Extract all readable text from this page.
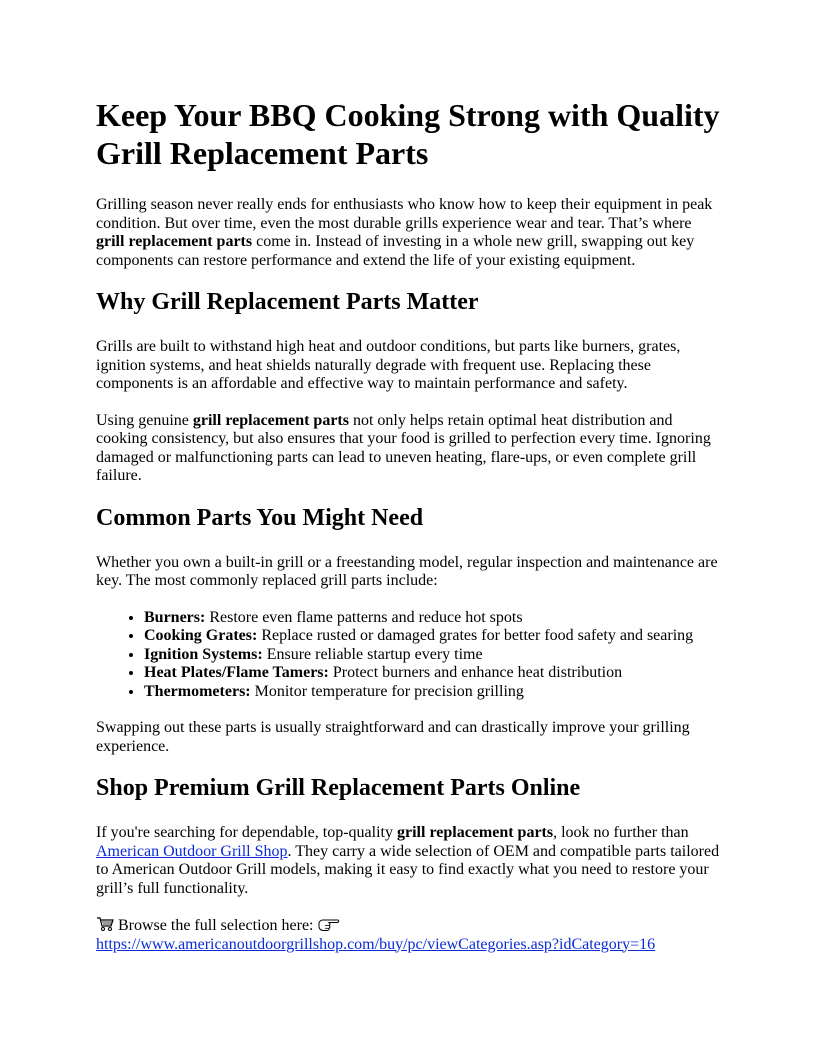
Keep Your BBQ Cooking Strong with Quality Grill Replacement Parts

Grilling season never really ends for enthusiasts who know how to keep their equipment in peak condition. But over time, even the most durable grills experience wear and tear. That’s where grill replacement parts come in. Instead of investing in a whole new grill, swapping out key components can restore performance and extend the life of your existing equipment.

Why Grill Replacement Parts Matter

Grills are built to withstand high heat and outdoor conditions, but parts like burners, grates, ignition systems, and heat shields naturally degrade with frequent use. Replacing these components is an affordable and effective way to maintain performance and safety.

Using genuine grill replacement parts not only helps retain optimal heat distribution and cooking consistency, but also ensures that your food is grilled to perfection every time. Ignoring damaged or malfunctioning parts can lead to uneven heating, flare-ups, or even complete grill failure.

Common Parts You Might Need

Whether you own a built-in grill or a freestanding model, regular inspection and maintenance are key. The most commonly replaced grill parts include:

• Burners: Restore even flame patterns and reduce hot spots
• Cooking Grates: Replace rusted or damaged grates for better food safety and searing
• Ignition Systems: Ensure reliable startup every time
• Heat Plates/Flame Tamers: Protect burners and enhance heat distribution
• Thermometers: Monitor temperature for precision grilling

Swapping out these parts is usually straightforward and can drastically improve your grilling experience.

Shop Premium Grill Replacement Parts Online

If you're searching for dependable, top-quality grill replacement parts, look no further than American Outdoor Grill Shop. They carry a wide selection of OEM and compatible parts tailored to American Outdoor Grill models, making it easy to find exactly what you need to restore your grill’s full functionality.

Browse the full selection here:
https://www.americanoutdoorgrillshop.com/buy/pc/viewCategories.asp?idCategory=16
